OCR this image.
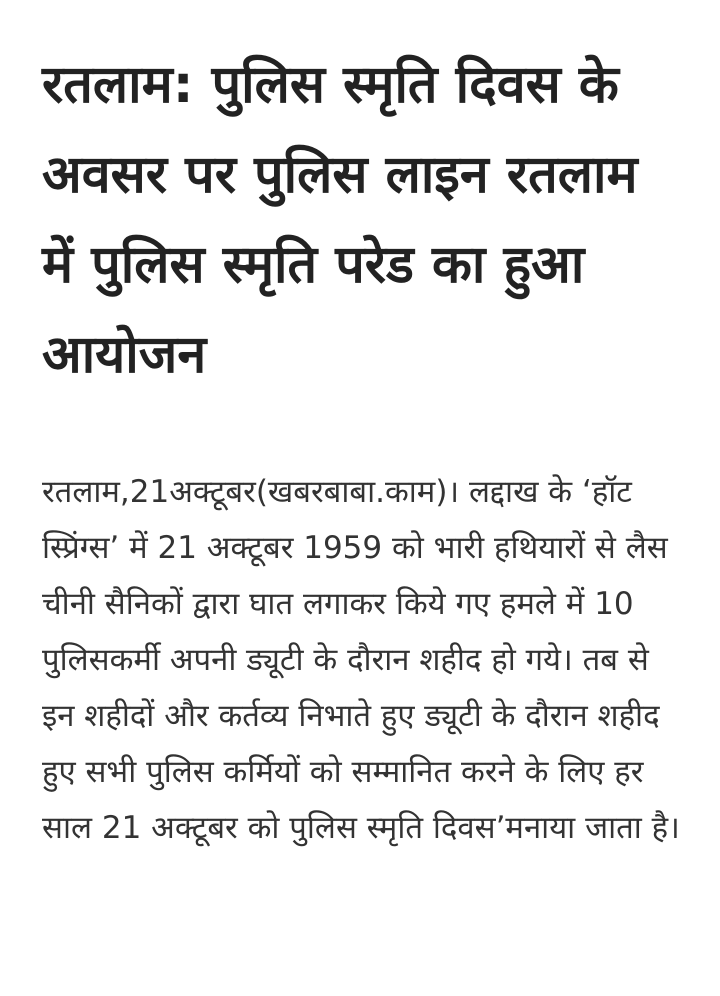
रतलाम: पुलिस स्मृति दिवस के अवसर पर पुलिस लाइन रतलाम में पुलिस स्मृति परेड का हुआ आयोजन

रतलाम,21अक्टूबर(खबरबाबा.काम)। लद्दाख के ‘हॉट स्प्रिंग्स’ में 21 अक्टूबर 1959 को भारी हथियारों से लैस चीनी सैनिकों द्वारा घात लगाकर किये गए हमले में 10 पुलिसकर्मी अपनी ड्यूटी के दौरान शहीद हो गये। तब से इन शहीदों और कर्तव्य निभाते हुए ड्यूटी के दौरान शहीद हुए सभी पुलिस कर्मियों को सम्मानित करने के लिए हर साल 21 अक्टूबर को पुलिस स्मृति दिवस’मनाया जाता है।
